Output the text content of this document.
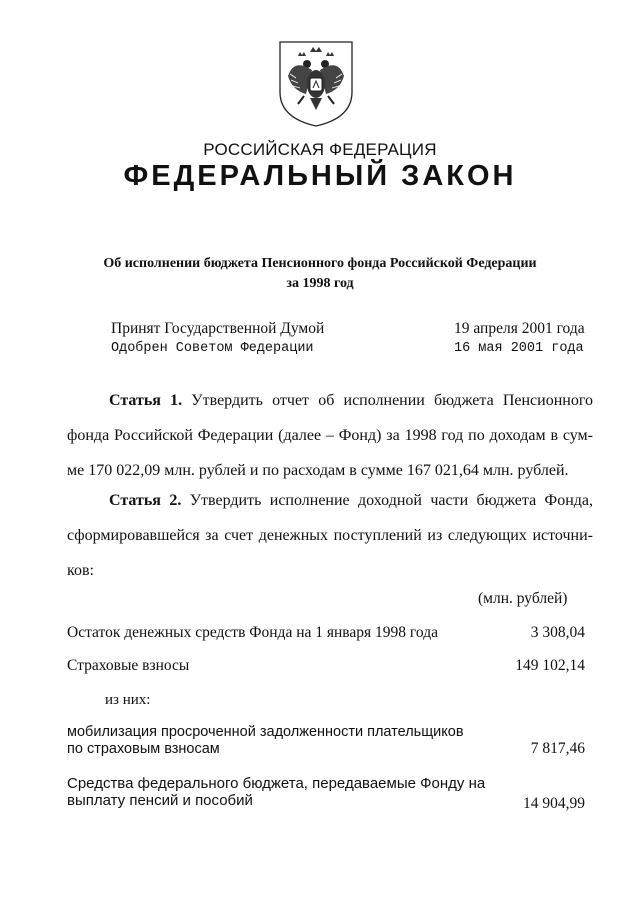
РОССИЙСКАЯ ФЕДЕРАЦИЯ
ФЕДЕРАЛЬНЫЙ ЗАКОН
Об исполнении бюджета Пенсионного фонда Российской Федерации
за 1998 год
Принят Государственной Думой	19 апреля 2001 года
Одобрен Советом Федерации	16 мая 2001 года
Статья 1. Утвердить отчет об исполнении бюджета Пенсионного
фонда Российской Федерации (далее – Фонд) за 1998 год по доходам в сум-
ме 170 022,09 млн. рублей и по расходам в сумме 167 021,64 млн. рублей.
Статья 2. Утвердить исполнение доходной части бюджета Фонда,
сформировавшейся за счет денежных поступлений из следующих источни-
ков:
(млн. рублей)
Остаток денежных средств Фонда на 1 января 1998 года	3 308,04
Страховые взносы	149 102,14
из них:
мобилизация просроченной задолженности плательщиков
по страховым взносам	7 817,46
Средства федерального бюджета, передаваемые Фонду на
выплату пенсий и пособий	14 904,99
